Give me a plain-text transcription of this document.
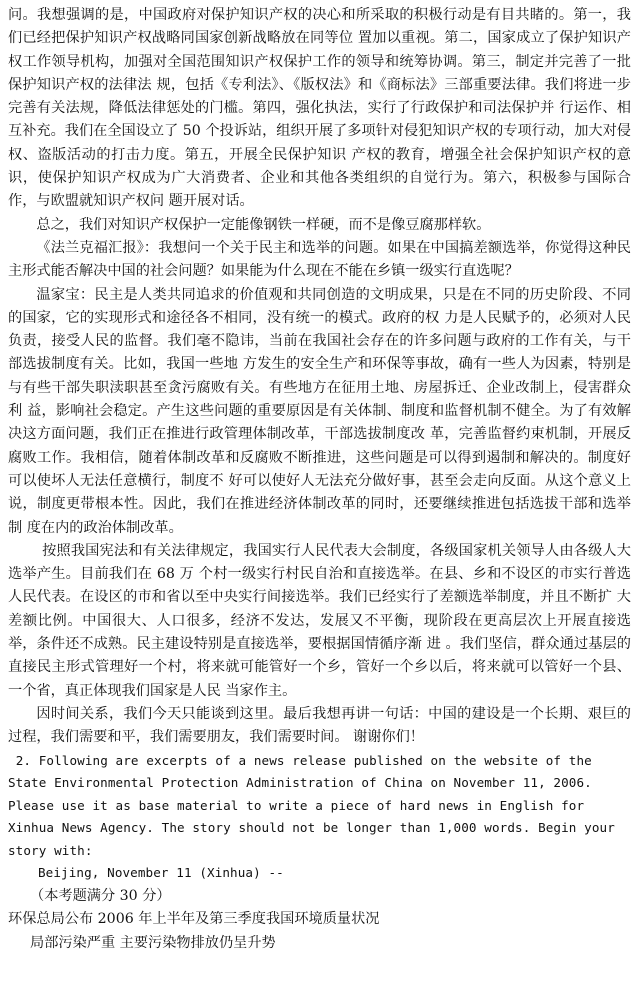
问。我想强调的是，中国政府对保护知识产权的决心和所采取的积极行动是有目共睹的。第一，我们已经把保护知识产权战略同国家创新战略放在同等位 置加以重视。第二，国家成立了保护知识产权工作领导机构，加强对全国范围知识产权保护工作的领导和统筹协调。第三，制定并完善了一批保护知识产权的法律法 规，包括《专利法》、《版权法》和《商标法》三部重要法律。我们将进一步完善有关法规，降低法律惩处的门槛。第四，强化执法，实行了行政保护和司法保护并 行运作、相互补充。我们在全国设立了 50 个投诉站，组织开展了多项针对侵犯知识产权的专项行动，加大对侵权、盗版活动的打击力度。第五，开展全民保护知识 产权的教育，增强全社会保护知识产权的意识，使保护知识产权成为广大消费者、企业和其他各类组织的自觉行为。第六，积极参与国际合作，与欧盟就知识产权问 题开展对话。

总之，我们对知识产权保护一定能像钢铁一样硬，而不是像豆腐那样软。

《法兰克福汇报》：我想问一个关于民主和选举的问题。如果在中国搞差额选举，你觉得这种民主形式能否解决中国的社会问题？如果能为什么现在不能在乡镇一级实行直选呢？

温家宝：民主是人类共同追求的价值观和共同创造的文明成果，只是在不同的历史阶段、不同的国家，它的实现形式和途径各不相同，没有统一的模式。政府的权 力是人民赋予的，必须对人民负责，接受人民的监督。我们毫不隐讳，当前在我国社会存在的许多问题与政府的工作有关，与干部选拔制度有关。比如，我国一些地 方发生的安全生产和环保等事故，确有一些人为因素，特别是与有些干部失职渎职甚至贪污腐败有关。有些地方在征用土地、房屋拆迁、企业改制上，侵害群众利 益，影响社会稳定。产生这些问题的重要原因是有关体制、制度和监督机制不健全。为了有效解决这方面问题，我们正在推进行政管理体制改革，干部选拔制度改 革，完善监督约束机制，开展反腐败工作。我相信，随着体制改革和反腐败不断推进，这些问题是可以得到遏制和解决的。制度好可以使坏人无法任意横行，制度不 好可以使好人无法充分做好事，甚至会走向反面。从这个意义上说，制度更带根本性。因此，我们在推进经济体制改革的同时，还要继续推进包括选拔干部和选举制 度在内的政治体制改革。

按照我国宪法和有关法律规定，我国实行人民代表大会制度，各级国家机关领导人由各级人大选举产生。目前我们在 68 万 个村一级实行村民自治和直接选举。在县、乡和不设区的市实行普选人民代表。在设区的市和省以至中央实行间接选举。我们已经实行了差额选举制度，并且不断扩 大差额比例。中国很大、人口很多，经济不发达，发展又不平衡，现阶段在更高层次上开展直接选举，条件还不成熟。民主建设特别是直接选举，要根据国情循序渐 进 。我们坚信，群众通过基层的直接民主形式管理好一个村，将来就可能管好一个乡，管好一个乡以后，将来就可以管好一个县、一个省，真正体现我们国家是人民 当家作主。

因时间关系，我们今天只能谈到这里。最后我想再讲一句话：中国的建设是一个长期、艰巨的过程，我们需要和平，我们需要朋友，我们需要时间。 谢谢你们！

2. Following are excerpts of a news release published on the website of the State Environmental Protection Administration of China on November 11, 2006. Please use it as base material to write a piece of hard news in English for Xinhua News Agency. The story should not be longer than 1,000 words. Begin your story with:

Beijing, November 11 (Xinhua) --

（本考题满分 30 分）

环保总局公布 2006 年上半年及第三季度我国环境质量状况

局部污染严重 主要污染物排放仍呈升势
